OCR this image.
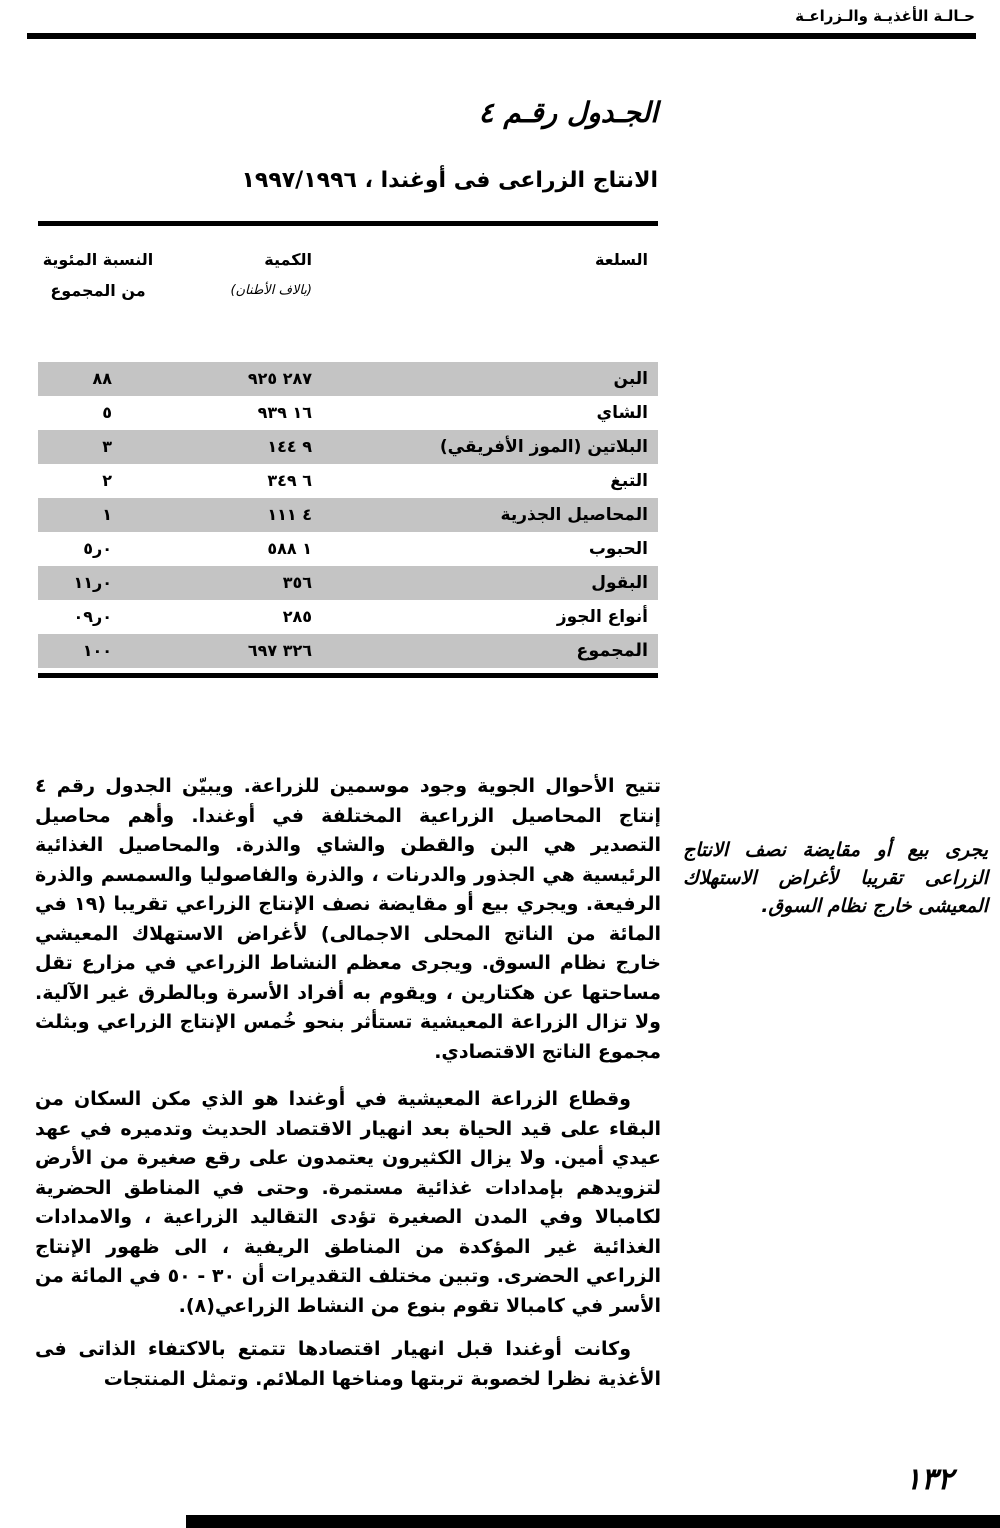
حـالـة الأغذيـة والـزراعـة
الجـدول رقـم ٤
الانتاج الزراعى فى أوغندا ، ١٩٩٧/١٩٩٦
السلعة
الكمية
(بالاف الأطنان)
النسبة المئوية
من المجموع
البن
٢٨٧ ٩٢٥
٨٨
الشاي
١٦ ٩٣٩
٥
البلاتين (الموز الأفريقي)
٩ ١٤٤
٣
التبغ
٦ ٣٤٩
٢
المحاصيل الجذرية
٤ ١١١
١
الحبوب
١ ٥٨٨
٠ر٥
البقول
٣٥٦
٠ر١١
أنواع الجوز
٢٨٥
٠ر٠٩
المجموع
٣٢٦ ٦٩٧
١٠٠
يجرى بيع أو مقايضة نصف الانتاج الزراعى تقريبا لأغراض الاستهلاك المعيشى خارج نظام السوق.

تتيح الأحوال الجوية وجود موسمين للزراعة. ويبيّن الجدول رقم ٤ إنتاج المحاصيل الزراعية المختلفة في أوغندا. وأهم محاصيل التصدير هي البن والقطن والشاي والذرة. والمحاصيل الغذائية الرئيسية هي الجذور والدرنات ، والذرة والفاصوليا والسمسم والذرة الرفيعة. ويجري بيع أو مقايضة نصف الإنتاج الزراعي تقريبا (١٩ في المائة من الناتج المحلى الاجمالى) لأغراض الاستهلاك المعيشي خارج نظام السوق. ويجرى معظم النشاط الزراعي في مزارع تقل مساحتها عن هكتارين ، ويقوم به أفراد الأسرة وبالطرق غير الآلية. ولا تزال الزراعة المعيشية تستأثر بنحو خُمس الإنتاج الزراعي وبثلث مجموع الناتج الاقتصادي.

وقطاع الزراعة المعيشية في أوغندا هو الذي مكن السكان من البقاء على قيد الحياة بعد انهيار الاقتصاد الحديث وتدميره في عهد عيدي أمين. ولا يزال الكثيرون يعتمدون على رقع صغيرة من الأرض لتزويدهم بإمدادات غذائية مستمرة. وحتى في المناطق الحضرية لكامبالا وفي المدن الصغيرة تؤدى التقاليد الزراعية ، والامدادات الغذائية غير المؤكدة من المناطق الريفية ، الى ظهور الإنتاج الزراعي الحضرى. وتبين مختلف التقديرات أن ٣٠ - ٥٠ في المائة من الأسر في كامبالا تقوم بنوع من النشاط الزراعي(٨).

وكانت أوغندا قبل انهيار اقتصادها تتمتع بالاكتفاء الذاتى فى الأغذية نظرا لخصوبة تربتها ومناخها الملائم. وتمثل المنتجات

١٣٢
